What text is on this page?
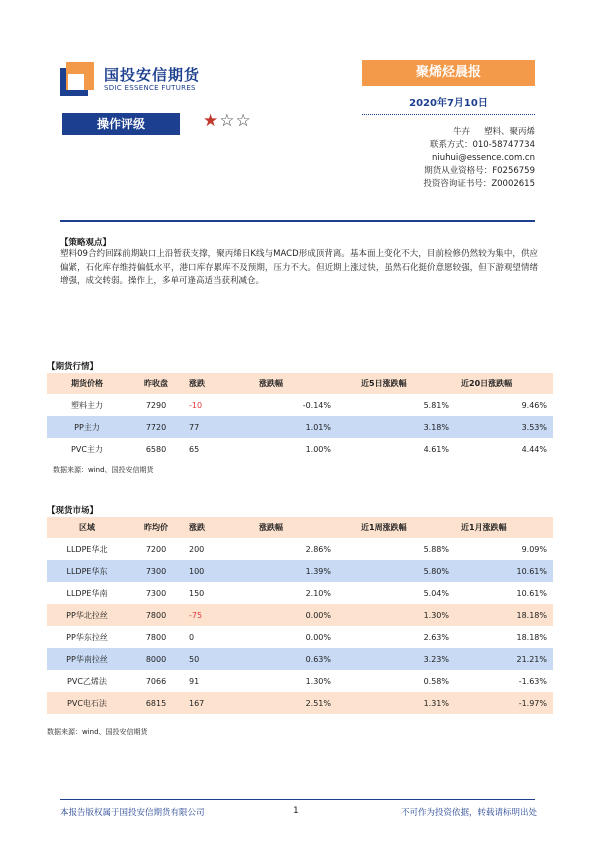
国投安信期货
SDIC ESSENCE FUTURES
聚烯烃晨报
2020年7月10日
操作评级	★☆☆
牛卉 塑料、聚丙烯
联系方式：010-58747734
niuhui@essence.com.cn
期货从业资格号：F0256759
投资咨询证书号：Z0002615
【策略观点】
塑料09合约回踩前期缺口上沿暂获支撑，聚丙烯日K线与MACD形成顶背离。基本面上变化不大，目前检修仍然较为集中，供应偏紧，石化库存维持偏低水平，港口库存累库不及预期，压力不大。但近期上涨过快，虽然石化挺价意愿较强，但下游观望情绪增强，成交转弱。操作上，多单可逢高适当获利减仓。
【期货行情】
期货价格	昨收盘	涨跌	涨跌幅	近5日涨跌幅	近20日涨跌幅
塑料主力	7290	-10	-0.14%	5.81%	9.46%
PP主力	7720	77	1.01%	3.18%	3.53%
PVC主力	6580	65	1.00%	4.61%	4.44%
数据来源：wind、国投安信期货
【现货市场】
区域	昨均价	涨跌	涨跌幅	近1周涨跌幅	近1月涨跌幅
LLDPE华北	7200	200	2.86%	5.88%	9.09%
LLDPE华东	7300	100	1.39%	5.80%	10.61%
LLDPE华南	7300	150	2.10%	5.04%	10.61%
PP华北拉丝	7800	-75	0.00%	1.30%	18.18%
PP华东拉丝	7800	0	0.00%	2.63%	18.18%
PP华南拉丝	8000	50	0.63%	3.23%	21.21%
PVC乙烯法	7066	91	1.30%	0.58%	-1.63%
PVC电石法	6815	167	2.51%	1.31%	-1.97%
数据来源：wind、国投安信期货
本报告版权属于国投安信期货有限公司	1	不可作为投资依据，转载请标明出处
